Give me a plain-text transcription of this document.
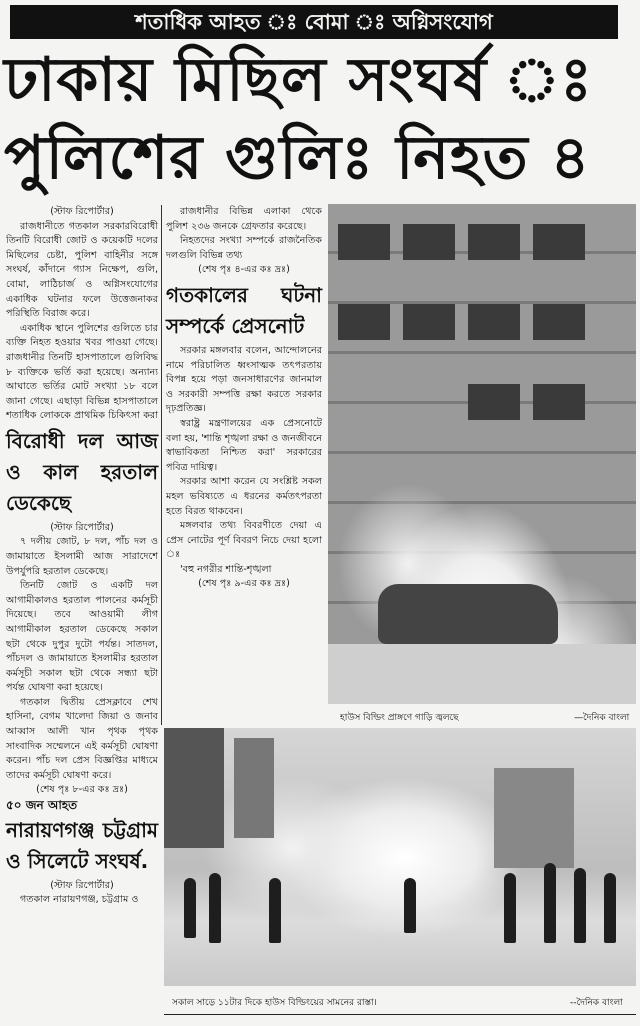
শতাধিক আহত ঃ বোমা ঃ অগ্নিসংযোগ
ঢাকায় মিছিল সংঘর্ষ ঃ
পুলিশের গুলিঃ নিহত ৪

(স্টাফ রিপোর্টার)

রাজধানীতে গতকাল সরকারবিরোধী তিনটি বিরোধী জোট ও কয়েকটি দলের মিছিলের চেষ্টা, পুলিশ বাহিনীর সঙ্গে সংঘর্ষ, কাঁদানে গ্যাস নিক্ষেপ, গুলি, বোমা, লাঠিচার্জ ও অগ্নিসংযোগের একাধিক ঘটনার ফলে উত্তেজনাকর পরিস্থিতি বিরাজ করে।

একাধিক স্থানে পুলিশের গুলিতে চার ব্যক্তি নিহত হওয়ার খবর পাওয়া গেছে। রাজধানীর তিনটি হাসপাতালে গুলিবিদ্ধ ৮ ব্যক্তিকে ভর্তি করা হয়েছে। অন্যান্য আঘাতে ভর্তির মোট সংখ্যা ১৮ বলে জানা গেছে। এছাড়া বিভিন্ন হাসপাতালে শতাধিক লোককে প্রাথমিক চিকিৎসা করা

বিরোধী দল আজ ও কাল হরতাল ডেকেছে

(স্টাফ রিপোর্টার)

৭ দলীয় জোট, ৮ দল, পাঁচ দল ও জামায়াতে ইসলামী আজ সারাদেশে উপর্যুপরি হরতাল ডেকেছে।

তিনটি জোট ও একটি দল আগামীকালও হরতাল পালনের কর্মসূচী দিয়েছে। তবে আওয়ামী লীগ আগামীকাল হরতাল ডেকেছে সকাল ছটা থেকে দুপুর দুটো পর্যন্ত। সাতদল, পাঁচদল ও জামায়াতে ইসলামীর হরতাল কর্মসূচী সকাল ছটা থেকে সন্ধ্যা ছটা পর্যন্ত ঘোষণা করা হয়েছে।

গতকাল দ্বিতীয় প্রেসক্লাবে শেখ হাসিনা, বেগম খালেদা জিয়া ও জনাব আব্বাস আলী খান পৃথক পৃথক সাংবাদিক সম্মেলনে এই কর্মসূচী ঘোষণা করেন। পাঁচ দল প্রেস বিজ্ঞপ্তির মাধ্যমে তাদের কর্মসূচী ঘোষণা করে।

(শেষ পৃঃ ৮-এর কঃ দ্রঃ)

৫০ জন আহত
নারায়ণগঞ্জ চট্টগ্রাম ও সিলেটে সংঘর্ষ.

(স্টাফ রিপোর্টার)

গতকাল নারায়ণগঞ্জ, চট্টগ্রাম ও

রাজধানীর বিভিন্ন এলাকা থেকে পুলিশ ২৩৬ জনকে গ্রেফতার করেছে।

নিহতদের সংখ্যা সম্পর্কে রাজনৈতিক দলগুলি বিভিন্ন তথ্য

(শেষ পৃঃ ৪-এর কঃ দ্রঃ)

গতকালের ঘটনা সম্পর্কে প্রেসনোট

সরকার মঙ্গলবার বলেন, আন্দোলনের নামে পরিচালিত ধ্বংসাত্মক তৎপরতায় বিপন্ন হয়ে পড়া জনসাধারণের জানমাল ও সরকারী সম্পত্তি রক্ষা করতে সরকার দৃঢ়প্রতিজ্ঞ।

স্বরাষ্ট্র মন্ত্রণালয়ের এক প্রেসনোটে বলা হয়, 'শান্তি শৃঙ্খলা রক্ষা ও জনজীবনে স্বাভাবিকতা নিশ্চিত করা' সরকারের পবিত্র দায়িত্ব।

সরকার আশা করেন যে সংশ্লিষ্ট সকল মহল ভবিষ্যতে এ ধরনের কর্মতৎপরতা হতে বিরত থাকবেন।

মঙ্গলবার তথ্য বিবরণীতে দেয়া এ প্রেস নোটের পূর্ণ বিবরণ নিচে দেয়া হলো ঃ

'বহু নগরীর শান্তি-শৃঙ্খলা

(শেষ পৃঃ ৯-এর কঃ দ্রঃ)

হাউস বিল্ডিং প্রাঙ্গণে গাড়ি জ্বলছে	—দৈনিক বাংলা
সকাল সাড়ে ১১টার দিকে হাউস বিল্ডিংয়ের সামনের রাস্তা।	--দৈনিক বাংলা
